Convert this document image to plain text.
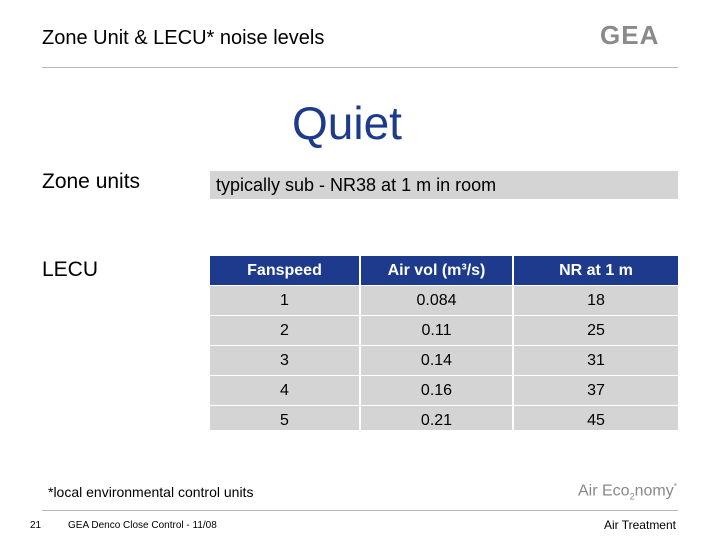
Zone Unit & LECU* noise levels	GEA
Quiet
Zone units	typically sub - NR38 at 1 m in room
LECU	Fanspeed	Air vol (m³/s)	NR at 1 m
1	0.084	18
2	0.11	25
3	0.14	31
4	0.16	37
5	0.21	45
*local environmental control units	Air Eco$_2$nomy*
21	GEA Denco Close Control - 11/08	Air Treatment
